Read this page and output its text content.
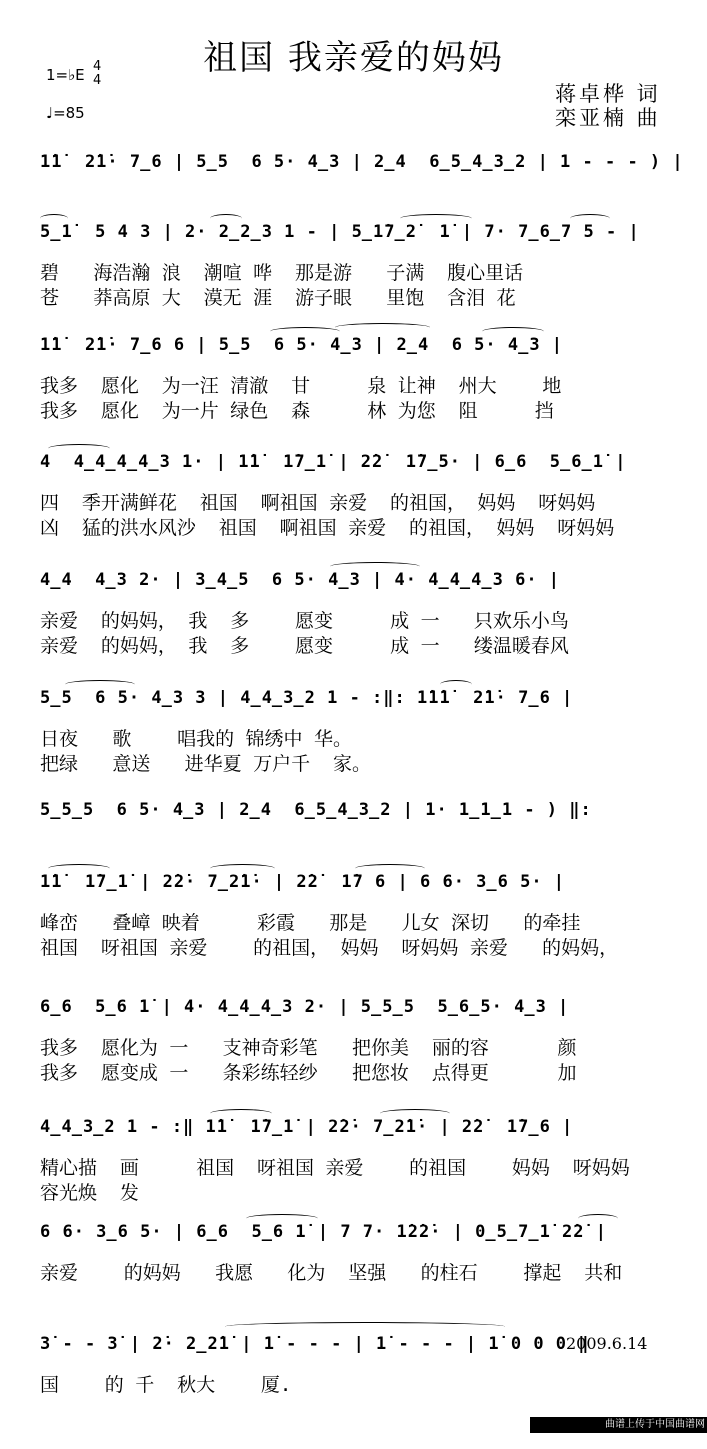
祖国 我亲爱的妈妈
1=♭E 4
4
♩=85
蒋卓桦 词
栾亚楠 曲
1̇1̇  2̇1̇· 7̲6 | 5̲5  6 5· 4̲3 | 2̲4  6̲5̲4̲3̲2 | 1 - - - ) |
5̲1̇  5 4 3 | 2· 2̲2̲3 1 - | 5̲1̇7̲2̇  1̇ | 7· 7̲6̲7 5 - |
碧   海浩瀚 浪  潮喧 哗  那是游   子满  腹心里话
苍   莽高原 大  漠无 涯  游子眼   里饱  含泪 花
1̇1̇  2̇1̇· 7̲6 6 | 5̲5  6 5· 4̲3 | 2̲4  6 5· 4̲3 |
我多  愿化  为一汪 清澈  甘     泉 让神  州大    地
我多  愿化  为一片 绿色  森     林 为您  阻     挡
4  4̲4̲4̲4̲3 1· | 1̇1̇  1̇7̲1̇ | 2̇2̇  1̇7̲5· | 6̲6  5̲6̲1̇ |
四  季开满鲜花  祖国  啊祖国 亲爱  的祖国， 妈妈  呀妈妈
凶  猛的洪水风沙  祖国  啊祖国 亲爱  的祖国， 妈妈  呀妈妈
4̲4  4̲3 2· | 3̲4̲5  6 5· 4̲3 | 4· 4̲4̲4̲3 6· |
亲爱  的妈妈， 我  多    愿变     成 一   只欢乐小鸟
亲爱  的妈妈， 我  多    愿变     成 一   缕温暖春风
5̲5  6 5· 4̲3 3 | 4̲4̲3̲2 1 - :‖: 1̇1̇1̇  2̇1̇· 7̲6 |
日夜   歌    唱我的 锦绣中 华。
把绿   意送   进华夏 万户千  家。
5̲5̲5  6 5· 4̲3 | 2̲4  6̲5̲4̲3̲2 | 1· 1̲1̲1 - ) ‖:
1̇1̇  1̇7̲1̇ | 2̇2̇· 7̲2̇1̇· | 2̇2̇  1̇7 6 | 6 6· 3̲6 5· |
峰峦   叠嶂 映着     彩霞   那是   儿女 深切   的牵挂
祖国  呀祖国 亲爱    的祖国， 妈妈  呀妈妈 亲爱   的妈妈，
6̲6  5̲6 1̇ | 4· 4̲4̲4̲3 2· | 5̲5̲5  5̲6̲5· 4̲3 |
我多  愿化为 一   支神奇彩笔   把你美  丽的容      颜
我多  愿变成 一   条彩练轻纱   把您妆  点得更      加
4̲4̲3̲2 1 - :‖ 1̇1̇  1̇7̲1̇ | 2̇2̇· 7̲2̇1̇· | 2̇2̇  1̇7̲6 |
精心描  画     祖国  呀祖国 亲爱    的祖国    妈妈  呀妈妈
容光焕  发
6 6· 3̲6 5· | 6̲6  5̲6 1̇ | 7 7· 1̇2̇2̇· | 0̲5̲7̲1̇ 2̇2̇ |
亲爱    的妈妈   我愿   化为  坚强   的柱石    撑起  共和
3̇ - - 3̇ | 2̇· 2̲2̇1̇ | 1̇ - - - | 1̇ - - - | 1̇ 0 0 0 ‖
2009.6.14
国    的 千  秋大    厦.
曲谱上传于中国曲谱网 http://QUPU.HAO81.NET
